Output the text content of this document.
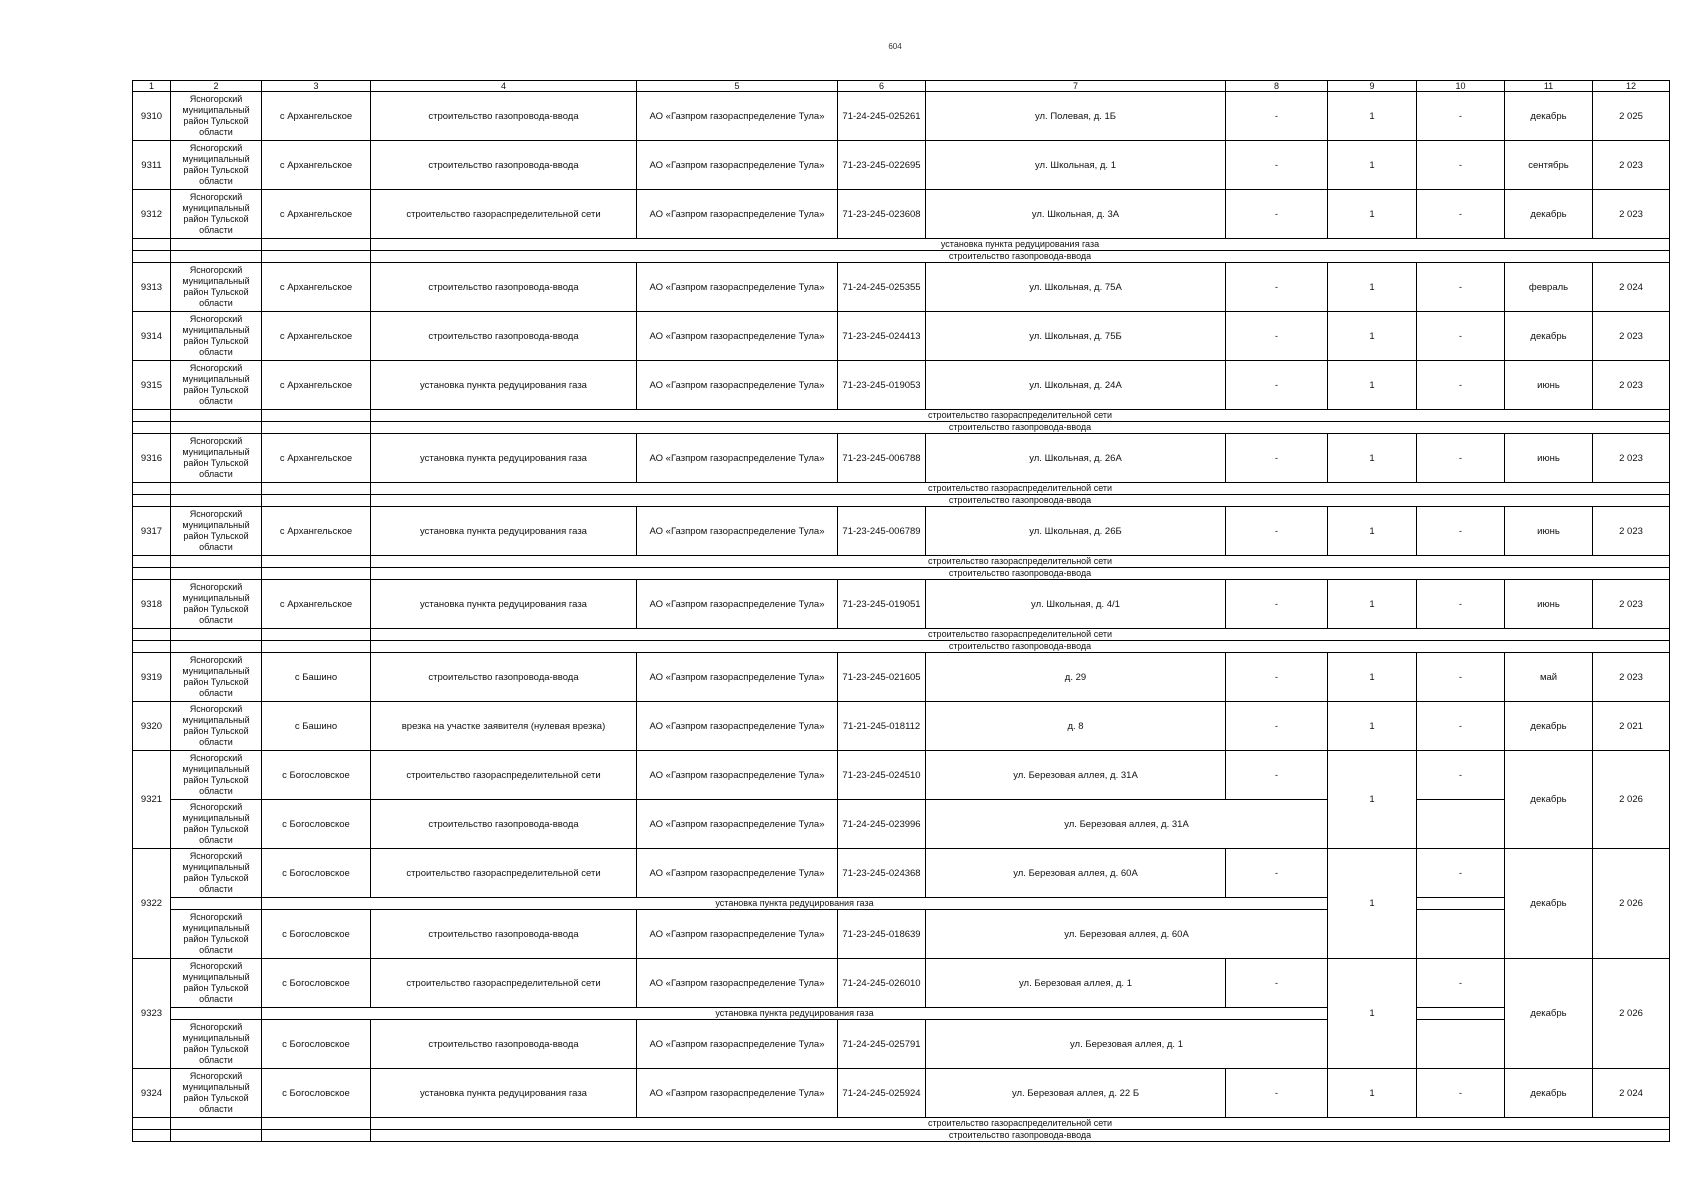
604
1	2	3	4	5	6	7	8	9	10	11	12
9310	Ясногорский муниципальный район Тульской области	с Архангельское	строительство газопровода-ввода	АО «Газпром газораспределение Тула»	71-24-245-025261	ул. Полевая, д. 1Б	-	1	-	декабрь	2 025
9311	Ясногорский муниципальный район Тульской области	с Архангельское	строительство газопровода-ввода	АО «Газпром газораспределение Тула»	71-23-245-022695	ул. Школьная, д. 1	-	1	-	сентябрь	2 023
9312	Ясногорский муниципальный район Тульской области	с Архангельское	строительство газораспределительной сети	АО «Газпром газораспределение Тула»	71-23-245-023608	ул. Школьная, д. 3А	-	1	-	декабрь	2 023
			установка пункта редуцирования газа								
			строительство газопровода-ввода								
9313	Ясногорский муниципальный район Тульской области	с Архангельское	строительство газопровода-ввода	АО «Газпром газораспределение Тула»	71-24-245-025355	ул. Школьная, д. 75А	-	1	-	февраль	2 024
9314	Ясногорский муниципальный район Тульской области	с Архангельское	строительство газопровода-ввода	АО «Газпром газораспределение Тула»	71-23-245-024413	ул. Школьная, д. 75Б	-	1	-	декабрь	2 023
9315	Ясногорский муниципальный район Тульской области	с Архангельское	установка пункта редуцирования газа	АО «Газпром газораспределение Тула»	71-23-245-019053	ул. Школьная, д. 24А	-	1	-	июнь	2 023
			строительство газораспределительной сети								
			строительство газопровода-ввода								
9316	Ясногорский муниципальный район Тульской области	с Архангельское	установка пункта редуцирования газа	АО «Газпром газораспределение Тула»	71-23-245-006788	ул. Школьная, д. 26А	-	1	-	июнь	2 023
			строительство газораспределительной сети								
			строительство газопровода-ввода								
9317	Ясногорский муниципальный район Тульской области	с Архангельское	установка пункта редуцирования газа	АО «Газпром газораспределение Тула»	71-23-245-006789	ул. Школьная, д. 26Б	-	1	-	июнь	2 023
			строительство газораспределительной сети								
			строительство газопровода-ввода								
9318	Ясногорский муниципальный район Тульской области	с Архангельское	установка пункта редуцирования газа	АО «Газпром газораспределение Тула»	71-23-245-019051	ул. Школьная, д. 4/1	-	1	-	июнь	2 023
			строительство газораспределительной сети								
			строительство газопровода-ввода								
9319	Ясногорский муниципальный район Тульской области	с Башино	строительство газопровода-ввода	АО «Газпром газораспределение Тула»	71-23-245-021605	д. 29	-	1	-	май	2 023
9320	Ясногорский муниципальный район Тульской области	с Башино	врезка на участке заявителя (нулевая врезка)	АО «Газпром газораспределение Тула»	71-21-245-018112	д. 8	-	1	-	декабрь	2 021
9321	Ясногорский муниципальный район Тульской области	с Богословское	строительство газораспределительной сети	АО «Газпром газораспределение Тула»	71-23-245-024510	ул. Березовая аллея, д. 31А	-	1	-	декабрь	2 026
	Ясногорский муниципальный район Тульской области	с Богословское	строительство газопровода-ввода	АО «Газпром газораспределение Тула»	71-24-245-023996	ул. Березовая аллея, д. 31А					
9322	Ясногорский муниципальный район Тульской области	с Богословское	строительство газораспределительной сети	АО «Газпром газораспределение Тула»	71-23-245-024368	ул. Березовая аллея, д. 60А	-	1	-	декабрь	2 026
		установка пункта редуцирования газа									
	Ясногорский муниципальный район Тульской области	с Богословское	строительство газопровода-ввода	АО «Газпром газораспределение Тула»	71-23-245-018639	ул. Березовая аллея, д. 60А					
9323	Ясногорский муниципальный район Тульской области	с Богословское	строительство газораспределительной сети	АО «Газпром газораспределение Тула»	71-24-245-026010	ул. Березовая аллея, д. 1	-	1	-	декабрь	2 026
		установка пункта редуцирования газа									
	Ясногорский муниципальный район Тульской области	с Богословское	строительство газопровода-ввода	АО «Газпром газораспределение Тула»	71-24-245-025791	ул. Березовая аллея, д. 1					
9324	Ясногорский муниципальный район Тульской области	с Богословское	установка пункта редуцирования газа	АО «Газпром газораспределение Тула»	71-24-245-025924	ул. Березовая аллея, д. 22 Б	-	1	-	декабрь	2 024
			строительство газораспределительной сети								
			строительство газопровода-ввода								
